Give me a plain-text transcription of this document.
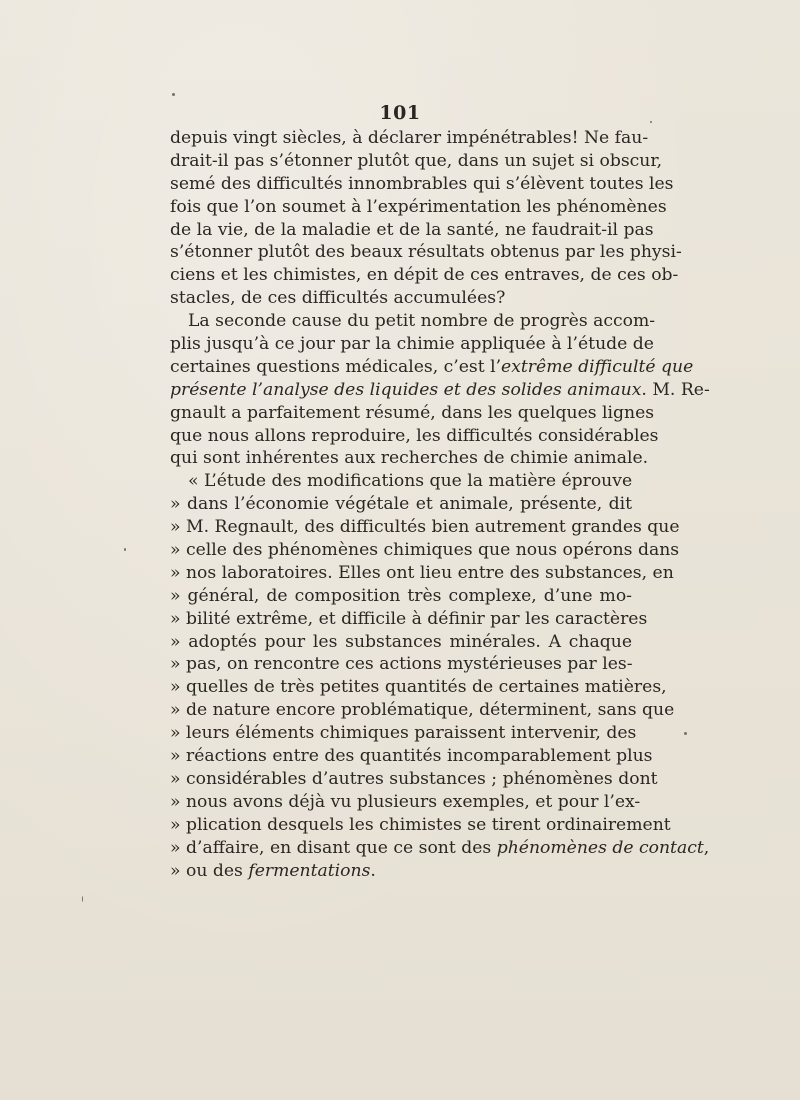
101
depuis vingt siècles, à déclarer impénétrables! Ne fau-
drait-il pas s’étonner plutôt que, dans un sujet si obscur,
semé des difficultés innombrables qui s’élèvent toutes les
fois que l’on soumet à l’expérimentation les phénomènes
de la vie, de la maladie et de la santé, ne faudrait-il pas
s’étonner plutôt des beaux résultats obtenus par les physi-
ciens et les chimistes, en dépit de ces entraves, de ces ob-
stacles, de ces difficultés accumulées?
La seconde cause du petit nombre de progrès accom-
plis jusqu’à ce jour par la chimie appliquée à l’étude de
certaines questions médicales, c’est l’extrême difficulté que
présente l’analyse des liquides et des solides animaux. M. Re-
gnault a parfaitement résumé, dans les quelques lignes
que nous allons reproduire, les difficultés considérables
qui sont inhérentes aux recherches de chimie animale.
« L’étude des modifications que la matière éprouve
» dans l’économie végétale et animale, présente, dit
» M. Regnault, des difficultés bien autrement grandes que
» celle des phénomènes chimiques que nous opérons dans
» nos laboratoires. Elles ont lieu entre des substances, en
» général, de composition très complexe, d’une mo-
» bilité extrême, et difficile à définir par les caractères
» adoptés pour les substances minérales. A chaque
» pas, on rencontre ces actions mystérieuses par les-
» quelles de très petites quantités de certaines matières,
» de nature encore problématique, déterminent, sans que
» leurs éléments chimiques paraissent intervenir, des
» réactions entre des quantités incomparablement plus
» considérables d’autres substances ; phénomènes dont
» nous avons déjà vu plusieurs exemples, et pour l’ex-
» plication desquels les chimistes se tirent ordinairement
» d’affaire, en disant que ce sont des phénomènes de contact,
» ou des fermentations.
